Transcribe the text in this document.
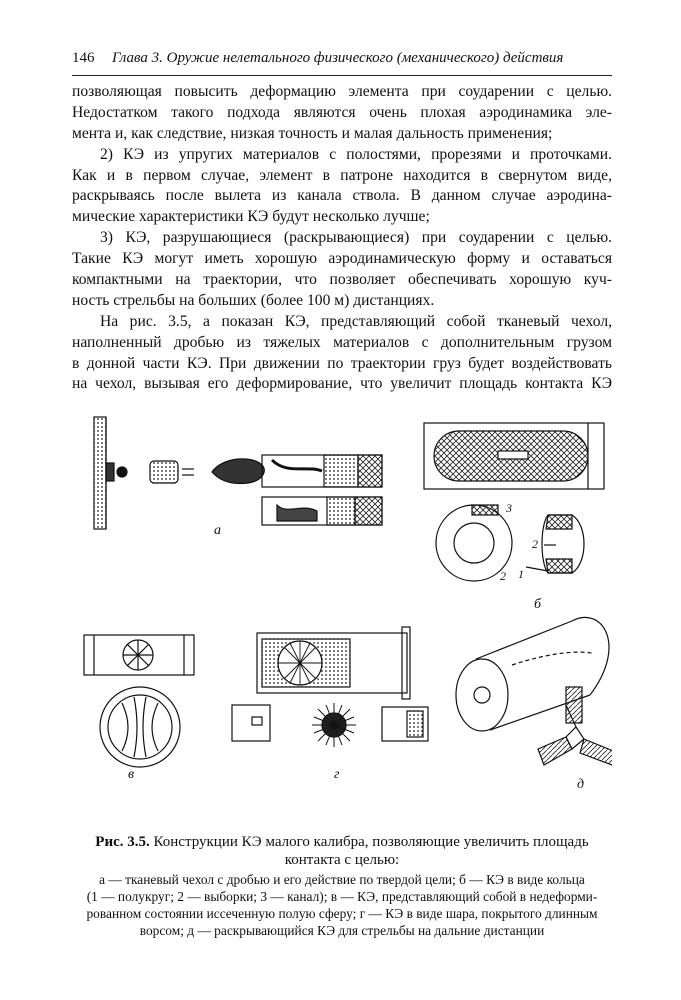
146 Глава 3. Оружие нелетального физического (механического) действия
позволяющая повысить деформацию элемента при соударении с целью.
Недостатком такого подхода являются очень плохая аэродинамика эле-
мента и, как следствие, низкая точность и малая дальность применения;
2) КЭ из упругих материалов с полостями, прорезями и проточками.
Как и в первом случае, элемент в патроне находится в свернутом виде,
раскрываясь после вылета из канала ствола. В данном случае аэродина-
мические характеристики КЭ будут несколько лучше;
3) КЭ, разрушающиеся (раскрывающиеся) при соударении с целью.
Такие КЭ могут иметь хорошую аэродинамическую форму и оставаться
компактными на траектории, что позволяет обеспечивать хорошую куч-
ность стрельбы на больших (более 100 м) дистанциях.
На рис. 3.5, а показан КЭ, представляющий собой тканевый чехол,
наполненный дробью из тяжелых материалов с дополнительным грузом
в донной части КЭ. При движении по траектории груз будет воздействовать
на чехол, вызывая его деформирование, что увеличит площадь контакта КЭ
а
б
в	г
д
3
2
2
1
Рис. 3.5. Конструкции КЭ малого калибра, позволяющие увеличить площадь
контакта с целью:
а — тканевый чехол с дробью и его действие по твердой цели; б — КЭ в виде кольца
(1 — полукруг; 2 — выборки; 3 — канал); в — КЭ, представляющий собой в недеформи-
рованном состоянии иссеченную полую сферу; г — КЭ в виде шара, покрытого длинным
ворсом; д — раскрывающийся КЭ для стрельбы на дальние дистанции
